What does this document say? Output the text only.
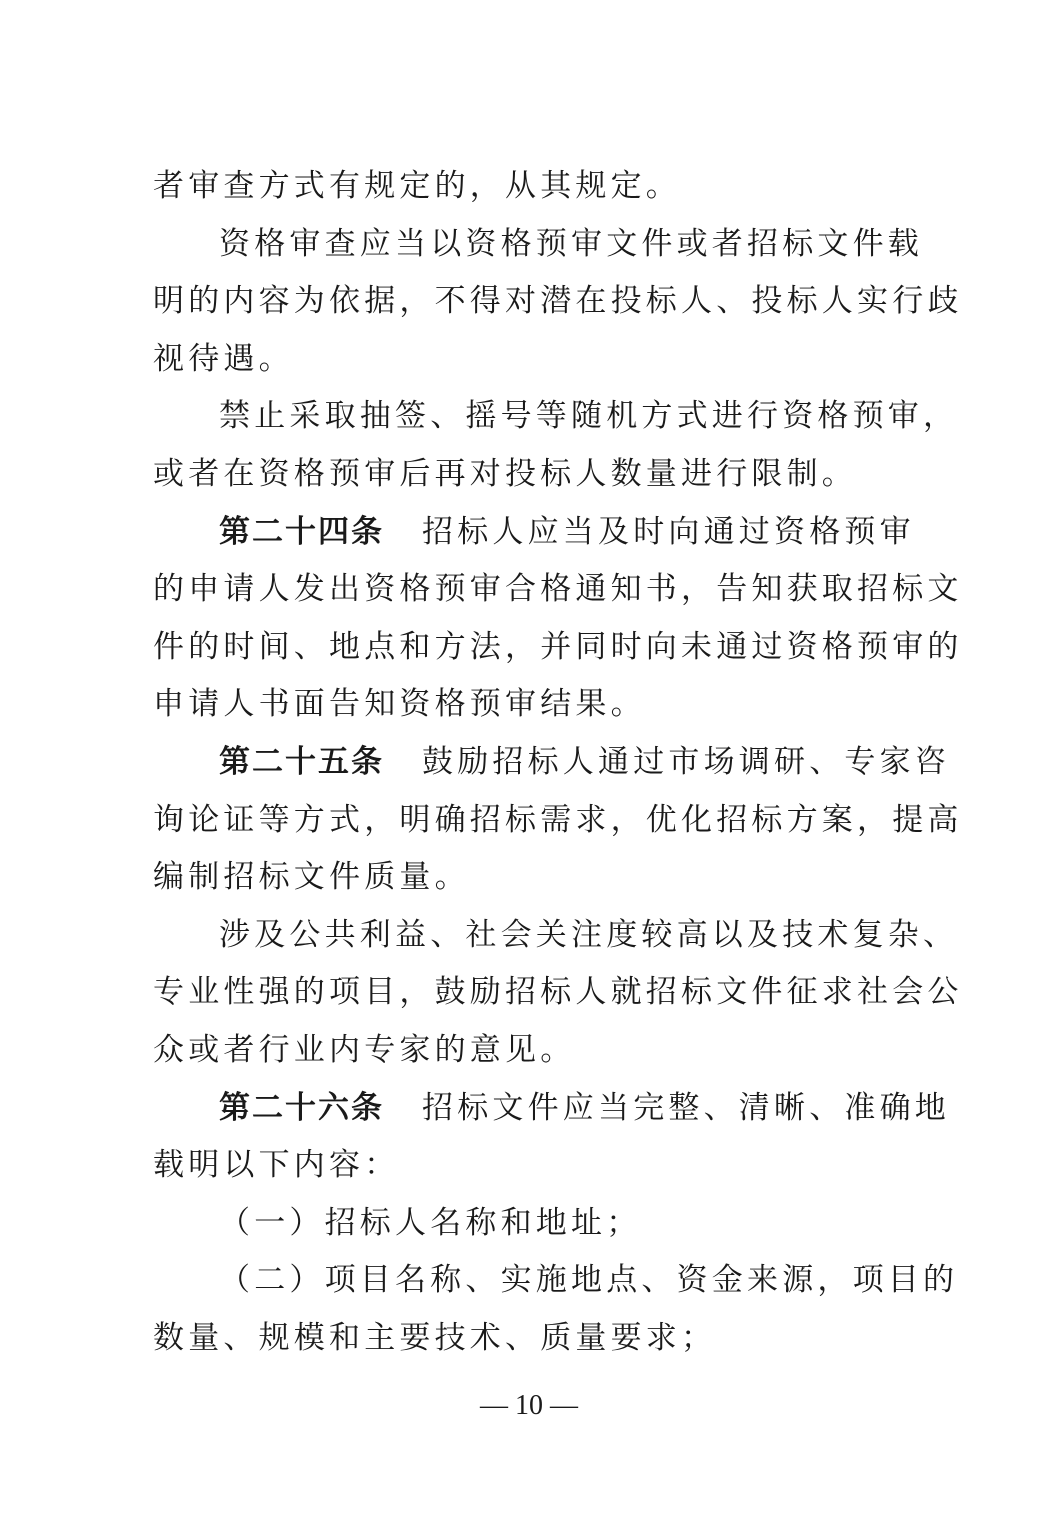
者审查方式有规定的，从其规定。
资格审查应当以资格预审文件或者招标文件载
明的内容为依据，不得对潜在投标人、投标人实行歧
视待遇。
禁止采取抽签、摇号等随机方式进行资格预审，
或者在资格预审后再对投标人数量进行限制。
第二十四条 招标人应当及时向通过资格预审
的申请人发出资格预审合格通知书，告知获取招标文
件的时间、地点和方法，并同时向未通过资格预审的
申请人书面告知资格预审结果。
第二十五条 鼓励招标人通过市场调研、专家咨
询论证等方式，明确招标需求，优化招标方案，提高
编制招标文件质量。
涉及公共利益、社会关注度较高以及技术复杂、
专业性强的项目，鼓励招标人就招标文件征求社会公
众或者行业内专家的意见。
第二十六条 招标文件应当完整、清晰、准确地
载明以下内容：
（一）招标人名称和地址；
（二）项目名称、实施地点、资金来源，项目的
数量、规模和主要技术、质量要求；
— 10 —
